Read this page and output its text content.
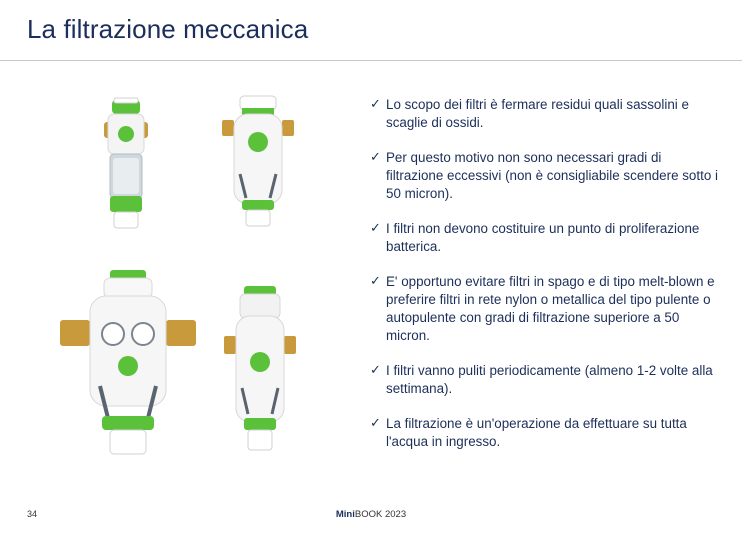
La filtrazione meccanica
✓ Lo scopo dei filtri è fermare residui quali sassolini e scaglie di ossidi.
✓ Per questo motivo non sono necessari gradi di filtrazione eccessivi (non è consigliabile scendere sotto i 50 micron).
✓ I filtri non devono costituire un punto di proliferazione batterica.
✓ E' opportuno evitare filtri in spago e di tipo melt-blown e preferire filtri in rete nylon o metallica del tipo pulente o autopulente con gradi di filtrazione superiore a 50 micron.
✓ I filtri vanno puliti periodicamente (almeno 1-2 volte alla settimana).
✓ La filtrazione è un'operazione da effettuare su tutta l'acqua in ingresso.
34	MiniBOOK 2023
